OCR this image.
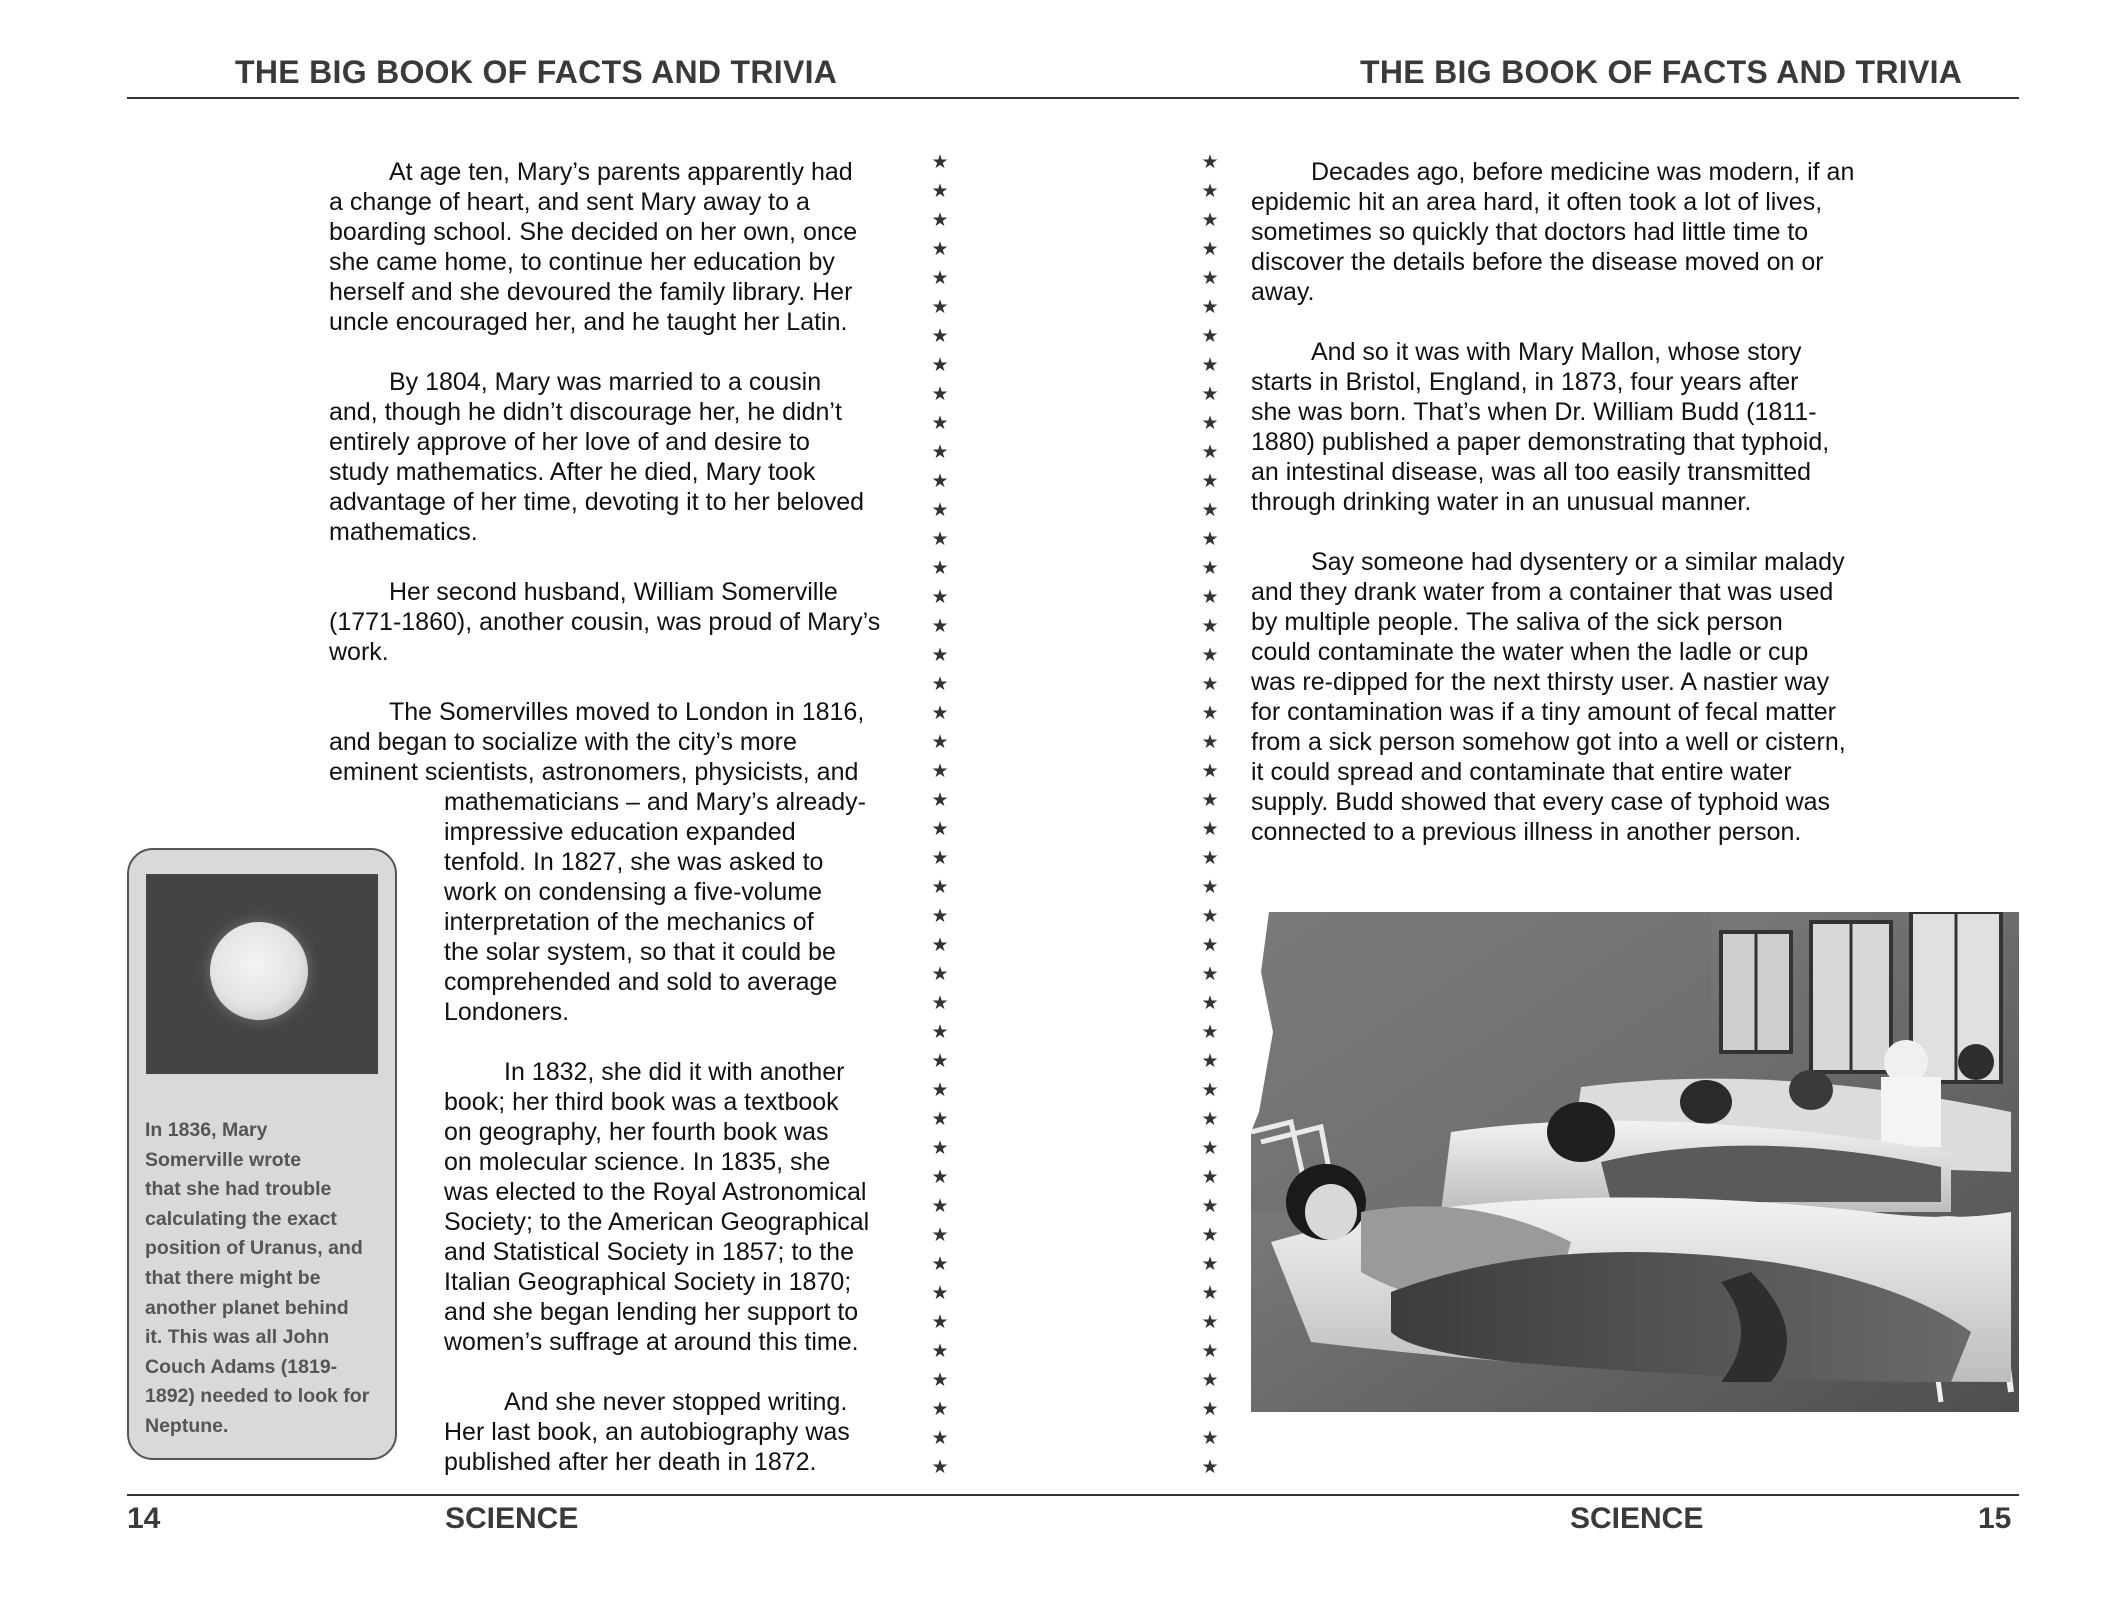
THE BIG BOOK OF FACTS AND TRIVIA	THE BIG BOOK OF FACTS AND TRIVIA

At age ten, Mary’s parents apparently had
a change of heart, and sent Mary away to a
boarding school. She decided on her own, once
she came home, to continue her education by
herself and she devoured the family library. Her
uncle encouraged her, and he taught her Latin.

By 1804, Mary was married to a cousin
and, though he didn’t discourage her, he didn’t
entirely approve of her love of and desire to
study mathematics. After he died, Mary took
advantage of her time, devoting it to her beloved
mathematics.

Her second husband, William Somerville
(1771-1860), another cousin, was proud of Mary’s
work.

The Somervilles moved to London in 1816,
and began to socialize with the city’s more
eminent scientists, astronomers, physicists, and

mathematicians – and Mary’s already-
impressive education expanded
tenfold. In 1827, she was asked to
work on condensing a five-volume
interpretation of the mechanics of
the solar system, so that it could be
comprehended and sold to average
Londoners.

In 1832, she did it with another
book; her third book was a textbook
on geography, her fourth book was
on molecular science. In 1835, she
was elected to the Royal Astronomical
Society; to the American Geographical
and Statistical Society in 1857; to the
Italian Geographical Society in 1870;
and she began lending her support to
women’s suffrage at around this time.

And she never stopped writing.
Her last book, an autobiography was
published after her death in 1872.

In 1836, Mary
Somerville wrote
that she had trouble
calculating the exact
position of Uranus, and
that there might be
another planet behind
it. This was all John
Couch Adams (1819-
1892) needed to look for
Neptune.
★
★
★
★
★
★
★
★
★
★
★
★
★
★
★
★
★
★
★
★
★
★
★
★
★
★
★
★
★
★
★
★
★
★
★
★
★
★
★
★
★
★
★
★
★
★
★
★
★
★
★
★
★
★
★
★
★
★
★
★
★
★
★
★
★
★
★
★
★
★
★
★
★
★
★
★
★
★
★
★
★
★
★
★
★
★
★
★
★
★
★
★

Decades ago, before medicine was modern, if an
epidemic hit an area hard, it often took a lot of lives,
sometimes so quickly that doctors had little time to
discover the details before the disease moved on or
away.

And so it was with Mary Mallon, whose story
starts in Bristol, England, in 1873, four years after
she was born. That’s when Dr. William Budd (1811-
1880) published a paper demonstrating that typhoid,
an intestinal disease, was all too easily transmitted
through drinking water in an unusual manner.

Say someone had dysentery or a similar malady
and they drank water from a container that was used
by multiple people. The saliva of the sick person
could contaminate the water when the ladle or cup
was re-dipped for the next thirsty user. A nastier way
for contamination was if a tiny amount of fecal matter
from a sick person somehow got into a well or cistern,
it could spread and contaminate that entire water
supply. Budd showed that every case of typhoid was
connected to a previous illness in another person.

14	SCIENCE	SCIENCE	15
